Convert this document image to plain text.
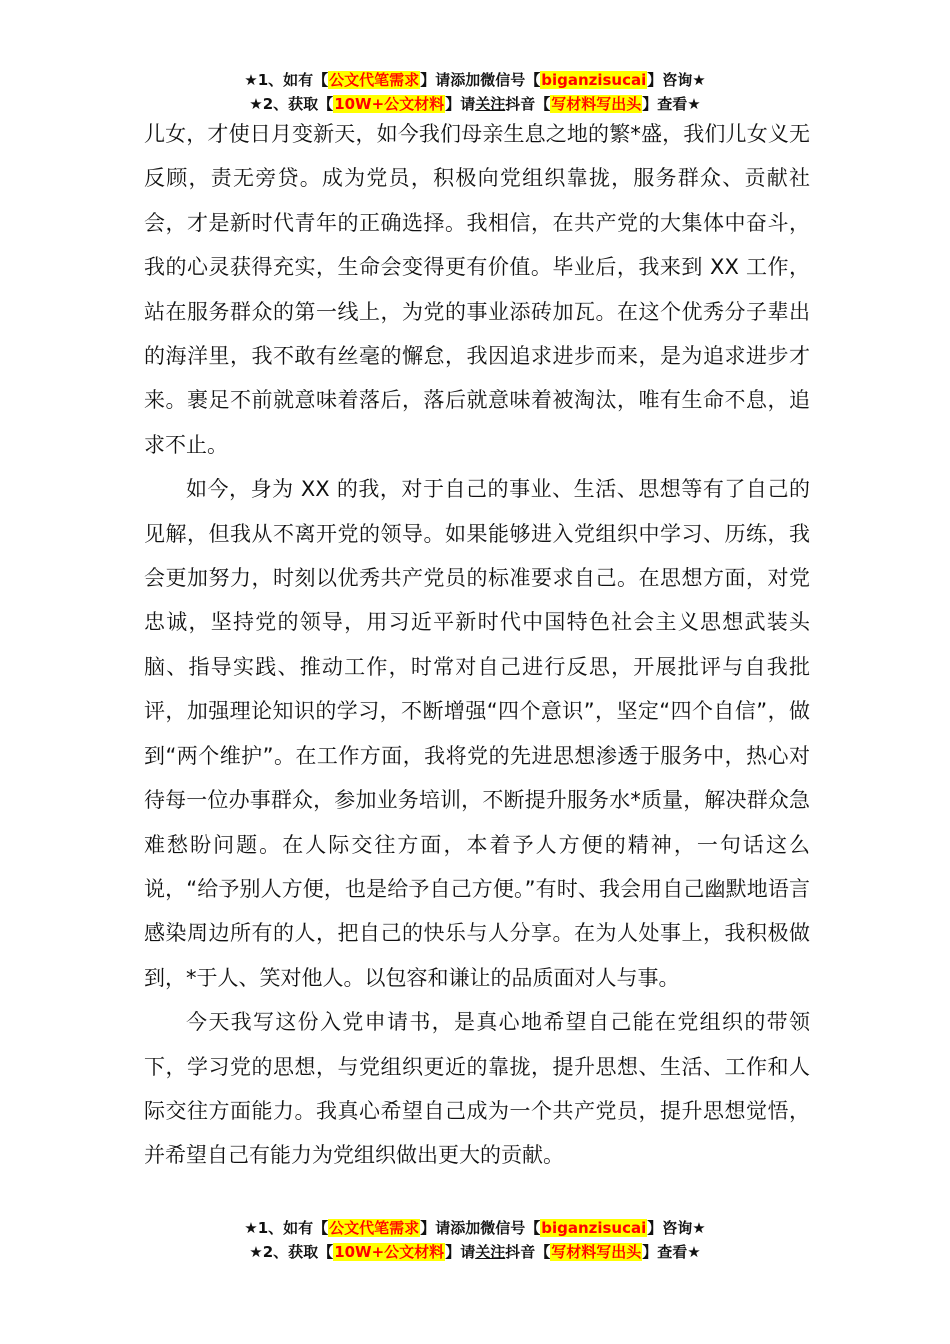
★1、如有【公文代笔需求】请添加微信号【biganzisucai】咨询★
★2、获取【10W+公文材料】请关注抖音【写材料写出头】查看★

儿女，才使日月变新天，如今我们母亲生息之地的繁*盛，我们儿女义无反顾，责无旁贷。成为党员，积极向党组织靠拢，服务群众、贡献社会，才是新时代青年的正确选择。我相信，在共产党的大集体中奋斗，我的心灵获得充实，生命会变得更有价值。毕业后，我来到 XX 工作，站在服务群众的第一线上，为党的事业添砖加瓦。在这个优秀分子辈出的海洋里，我不敢有丝毫的懈怠，我因追求进步而来，是为追求进步才来。裹足不前就意味着落后，落后就意味着被淘汰，唯有生命不息，追求不止。

如今，身为 XX 的我，对于自己的事业、生活、思想等有了自己的见解，但我从不离开党的领导。如果能够进入党组织中学习、历练，我会更加努力，时刻以优秀共产党员的标准要求自己。在思想方面，对党忠诚，坚持党的领导，用习近平新时代中国特色社会主义思想武装头脑、指导实践、推动工作，时常对自己进行反思，开展批评与自我批评，加强理论知识的学习，不断增强“四个意识”，坚定“四个自信”，做到“两个维护”。在工作方面，我将党的先进思想渗透于服务中，热心对待每一位办事群众，参加业务培训，不断提升服务水*质量，解决群众急难愁盼问题。在人际交往方面，本着予人方便的精神，一句话这么说，“给予别人方便，也是给予自己方便。”有时、我会用自己幽默地语言感染周边所有的人，把自己的快乐与人分享。在为人处事上，我积极做到，*于人、笑对他人。以包容和谦让的品质面对人与事。

今天我写这份入党申请书，是真心地希望自己能在党组织的带领下，学习党的思想，与党组织更近的靠拢，提升思想、生活、工作和人际交往方面能力。我真心希望自己成为一个共产党员，提升思想觉悟，并希望自己有能力为党组织做出更大的贡献。

★1、如有【公文代笔需求】请添加微信号【biganzisucai】咨询★
★2、获取【10W+公文材料】请关注抖音【写材料写出头】查看★
